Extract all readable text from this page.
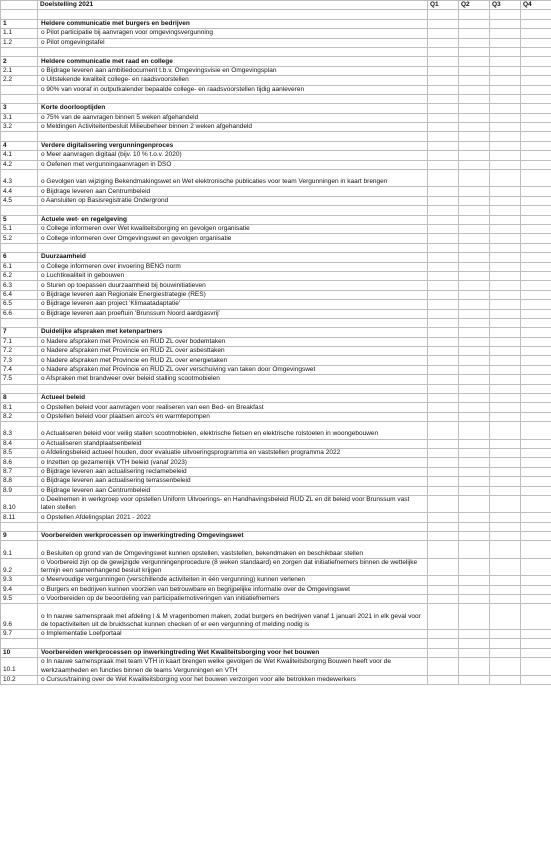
	Doelstelling 2021	Q1	Q2	Q3	Q4

1	Heldere communicatie met burgers en bedrijven				
1.1	o Pilot participatie bij aanvragen voor omgevingsvergunning				
1.2	o Pilot omgevingstafel				

2	Heldere communicatie met raad en college				
2.1	o Bijdrage leveren aan ambitiedocument t.b.v. Omgevingsvisie en Omgevingsplan				
2.2	o Uitstekende kwaliteit college- en raadsvoorstellen				
	o 90% van vooraf in outputkalender bepaalde college- en raadsvoorstellen tijdig aanleveren				

3	Korte doorlooptijden				
3.1	o 75% van de aanvragen binnen 5 weken afgehandeld				
3.2	o Meldingen Activiteitenbesluit Milieubeheer binnen 2 weken afgehandeld				

4	Verdere digitalisering vergunningenproces				
4.1	o Meer aanvragen digitaal (bijv. 10 % t.o.v. 2020)				
4.2	o Oefenen met vergunningaanvragen in DSO				
4.3	o Gevolgen van wijziging Bekendmakingswet en Wet elektronische publicaties voor team Vergunningen in kaart brengen				
4.4	o Bijdrage leveren aan Centrumbeleid				
4.5	o Aansluiten op Basisregistratie Ondergrond				

5	Actuele wet- en regelgeving				
5.1	o College informeren over Wet kwaliteitsborging en gevolgen organisatie				
5.2	o College informeren over Omgevingswet en gevolgen organisatie				

6	Duurzaamheid				
6.1	o College informeren over invoering BENG norm				
6.2	o Luchtkwaliteit in gebouwen				
6.3	o Sturen op toepassen duurzaamheid bij bouwinitiatieven				
6.4	o Bijdrage leveren aan Regionale Energiestrategie (RES)				
6.5	o Bijdrage leveren aan project 'Klimaatadaptatie'				
6.6	o Bijdrage leveren aan proeftuin 'Brunssum Noord aardgasvrij'				

7	Duidelijke afspraken met ketenpartners				
7.1	o Nadere afspraken met Provincie en RUD ZL over bodemtaken				
7.2	o Nadere afspraken met Provincie en RUD ZL over asbesttaken				
7.3	o Nadere afspraken met Provincie en RUD ZL over energietaken				
7.4	o Nadere afspraken met Provincie en RUD ZL over verschuiving van taken door Omgevingswet				
7.5	o Afspraken met brandweer over beleid stalling scootmobielen				

8	Actueel beleid				
8.1	o Opstellen beleid voor aanvragen voor realiseren van een Bed- en Breakfast				
8.2	o Opstellen beleid voor plaatsen airco's en warmtepompen				
8.3	o Actualiseren beleid voor veilig stallen scootmobielen, elektrische fietsen en elektrische rolstoelen in woongebouwen				
8.4	o Actualiseren standplaatsenbeleid				
8.5	o Afdelingsbeleid actueel houden, door evaluatie uitvoeringsprogramma en vaststellen programma 2022				
8.6	o Inzetten op gezamenlijk VTH beleid (vanaf 2023)				
8.7	o Bijdrage leveren aan actualisering reclamebeleid				
8.8	o Bijdrage leveren aan actualisering terrassenbeleid				
8.9	o Bijdrage leveren aan Centrumbeleid				
8.10	o Deelnemen in werkgroep voor opstellen Uniform Uitvoerings- en Handhavingsbeleid RUD ZL en dit beleid voor Brunssum vast laten stellen				
8.11	o Opstellen Afdelingsplan 2021 - 2022				

9	Voorbereiden werkprocessen op inwerkingtreding Omgevingswet				
9.1	o Besluiten op grond van de Omgevingswet kunnen opstellen, vaststellen, bekendmaken en beschikbaar stellen				
9.2	o Voorbereid zijn op de gewijzigde vergunningenprocedure (8 weken standaard) en zorgen dat initiatiefnemers binnen de wettelijke termijn een samenhangend besluit krijgen				
9.3	o Meervoudige vergunningen (verschillende activiteiten in één vergunning) kunnen verlenen				
9.4	o Burgers en bedrijven kunnen voorzien van betrouwbare en begrijpelijke informatie over de Omgevingswet				
9.5	o Voorbereiden op de beoordeling van participatiemotiveringen van initiatiefnemers				
9.6	o In nauwe samenspraak met afdeling I & M vragenbomen maken, zodat burgers en bedrijven vanaf 1 januari 2021 in elk geval voor de topactiviteiten uit de bruidsschat kunnen checken of er een vergunning of melding nodig is				
9.7	o Implementatie Loefportaal				

10	Voorbereiden werkprocessen op inwerkingtreding Wet Kwaliteitsborging voor het bouwen				
10.1	o In nauwe samenspraak met team VTH in kaart brengen welke gevolgen de Wet Kwaliteitsborging Bouwen heeft voor de werkzaamheden en functies binnen de teams Vergunningen en VTH				
10.2	o Cursus/training over de Wet Kwaliteitsborging voor het bouwen verzorgen voor alle betrokken medewerkers				
